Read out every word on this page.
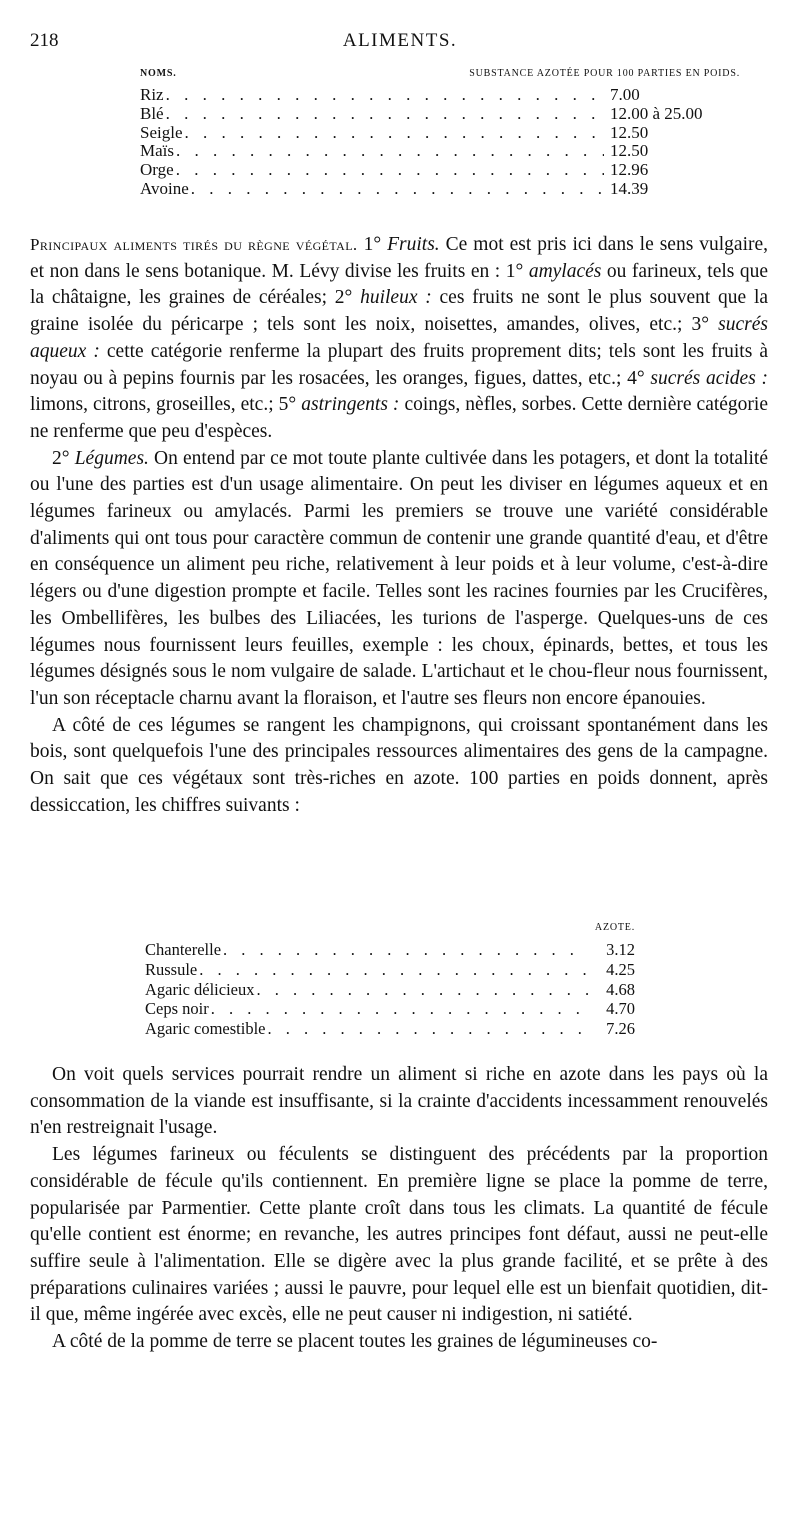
218	ALIMENTS.
NOMS.	SUBSTANCE AZOTÉE POUR 100 PARTIES EN POIDS.
Riz . . .	7.00
Blé . . .	12.00 à 25.00
Seigle . . .	12.50
Maïs . . .	12.50
Orge . . .	12.96
Avoine . . .	14.39

Principaux aliments tirés du règne végétal. 1° Fruits. Ce mot est pris ici dans le sens vulgaire, et non dans le sens botanique. M. Lévy divise les fruits en : 1° amylacés ou farineux, tels que la châtaigne, les graines de céréales; 2° huileux : ces fruits ne sont le plus souvent que la graine isolée du péricarpe ; tels sont les noix, noisettes, amandes, olives, etc.; 3° sucrés aqueux : cette catégorie renferme la plupart des fruits proprement dits; tels sont les fruits à noyau ou à pepins fournis par les rosacées, les oranges, figues, dattes, etc.; 4° sucrés acides : limons, citrons, groseilles, etc.; 5° astringents : coings, nèfles, sorbes. Cette dernière catégorie ne renferme que peu d'espèces.

2° Légumes. On entend par ce mot toute plante cultivée dans les potagers, et dont la totalité ou l'une des parties est d'un usage alimentaire. On peut les diviser en légumes aqueux et en légumes farineux ou amylacés. Parmi les premiers se trouve une variété considérable d'aliments qui ont tous pour caractère commun de contenir une grande quantité d'eau, et d'être en conséquence un aliment peu riche, relativement à leur poids et à leur volume, c'est-à-dire légers ou d'une digestion prompte et facile. Telles sont les racines fournies par les Crucifères, les Ombellifères, les bulbes des Liliacées, les turions de l'asperge. Quelques-uns de ces légumes nous fournissent leurs feuilles, exemple : les choux, épinards, bettes, et tous les légumes désignés sous le nom vulgaire de salade. L'artichaut et le chou-fleur nous fournissent, l'un son réceptacle charnu avant la floraison, et l'autre ses fleurs non encore épanouies.

A côté de ces légumes se rangent les champignons, qui croissant spontanément dans les bois, sont quelquefois l'une des principales ressources alimentaires des gens de la campagne. On sait que ces végétaux sont très-riches en azote. 100 parties en poids donnent, après dessiccation, les chiffres suivants :

AZOTE.
Chanterelle . . .	3.12
Russule . . .	4.25
Agaric délicieux . . .	4.68
Ceps noir . . .	4.70
Agaric comestible . . .	7.26

On voit quels services pourrait rendre un aliment si riche en azote dans les pays où la consommation de la viande est insuffisante, si la crainte d'accidents incessamment renouvelés n'en restreignait l'usage.

Les légumes farineux ou féculents se distinguent des précédents par la proportion considérable de fécule qu'ils contiennent. En première ligne se place la pomme de terre, popularisée par Parmentier. Cette plante croît dans tous les climats. La quantité de fécule qu'elle contient est énorme; en revanche, les autres principes font défaut, aussi ne peut-elle suffire seule à l'alimentation. Elle se digère avec la plus grande facilité, et se prête à des préparations culinaires variées ; aussi le pauvre, pour lequel elle est un bienfait quotidien, dit-il que, même ingérée avec excès, elle ne peut causer ni indigestion, ni satiété.

A côté de la pomme de terre se placent toutes les graines de légumineuses co-
